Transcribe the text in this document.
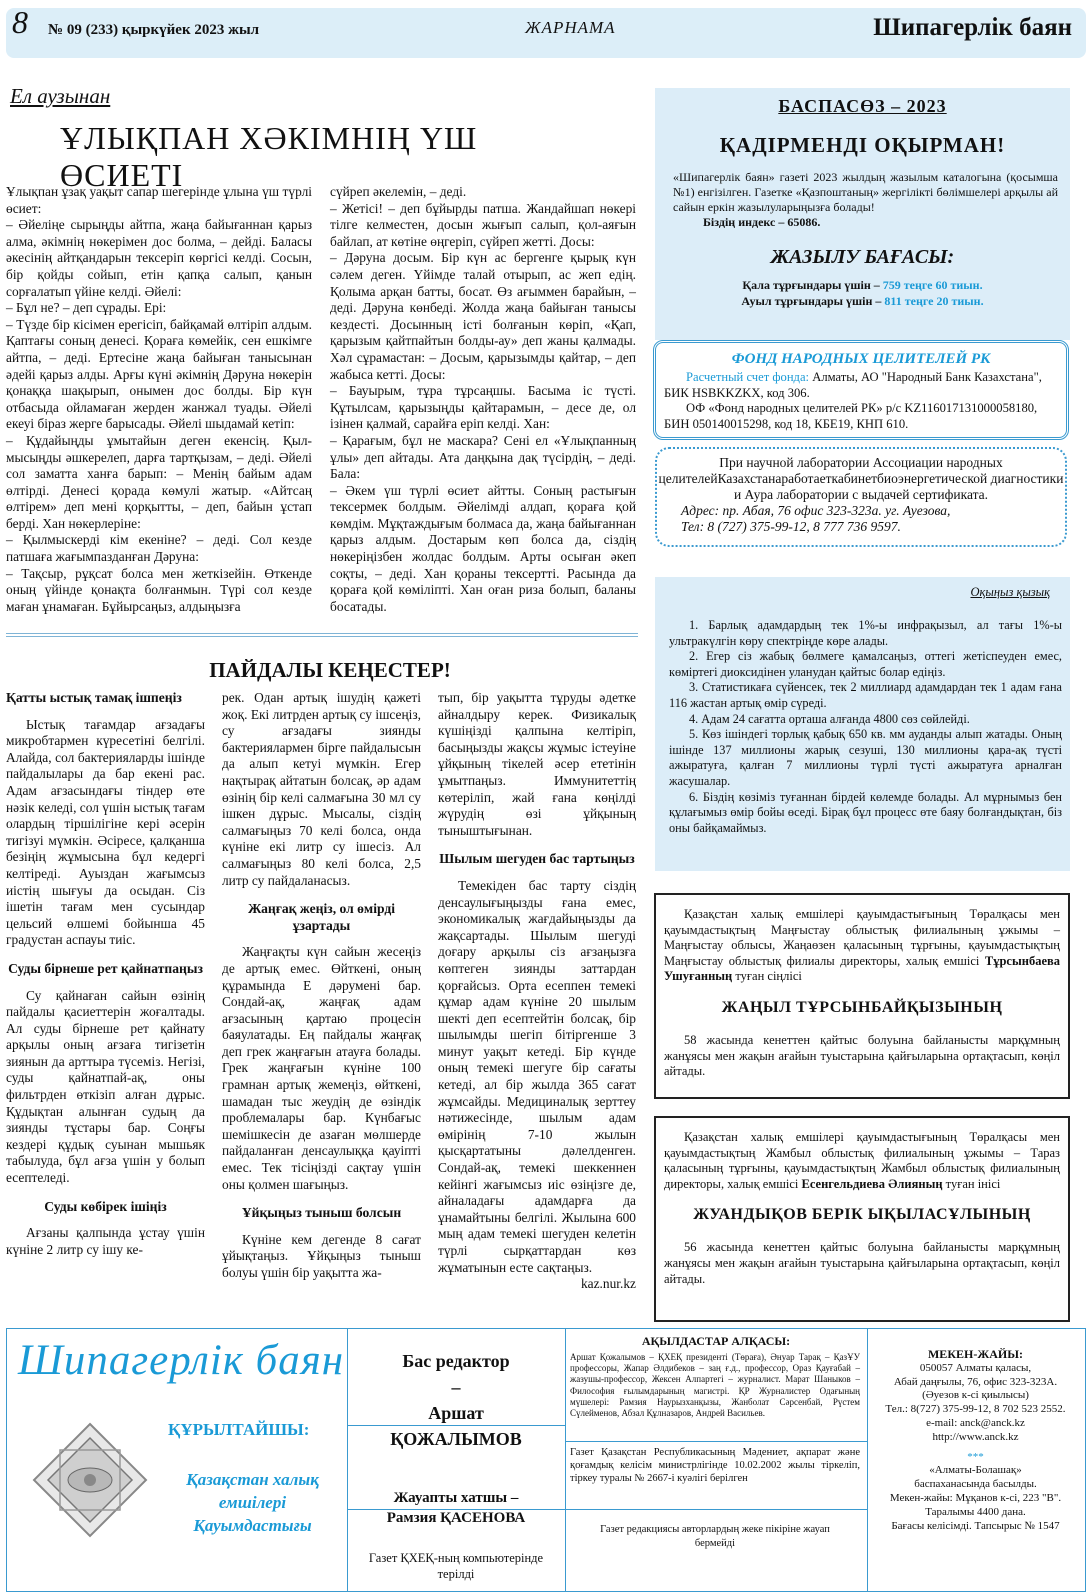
8 № 09 (233) қыркүйек 2023 жыл	ЖАРНАМА	Шипагерлік баян
Ел аузынан
ҰЛЫҚПАН ХӘКІМНІҢ ҮШ ӨСИЕТІ

Ұлықпан ұзақ уақыт сапар шегерінде ұлына үш түрлі өсиет:

– Әйеліңе сырыңды айтпа, жаңа байығаннан қарыз алма, әкімнің нөкерімен дос болма, – дейді. Баласы әкесінің айтқандарын тексеріп көргісі келді. Сосын, бір қойды сойып, етін қапқа салып, қанын сорғалатып үйіне келді. Әйелі:

– Бұл не? – деп сұрады. Ері:

– Түзде бір кісімен ерегісіп, байқамай өлтіріп алдым. Қаптағы соның денесі. Қораға көмейік, сен ешкімге айтпа, – деді. Ертесіне жаңа байыған танысынан әдейі қарыз алды. Арғы күні әкімнің Дәруна нөкерін қонаққа шақырып, онымен дос болды. Бір күн отбасыда ойламаған жерден жанжал туады. Әйелі екеуі біраз жерге барысады. Әйелі шыдамай кетіп:

– Құдайыңды ұмытайын деген екенсің. Қылмысыңды әшкерелеп, дарға тартқызам, – деді. Әйелі сол заматта ханға барып: – Менің байым адам өлтірді. Денесі қорада көмулі жатыр. «Айтсаң өлтірем» деп мені қорқытты, – деп, байын ұстап берді. Хан нөкерлеріне:

– Қылмыскерді кім екеніне? – деді. Сол кезде патшаға жағымпазданған Дәруна:

– Тақсыр, рұқсат болса мен жеткізейін. Өткенде оның үйінде қонақта болғанмын. Түрі сол кезде маған ұнамаған. Бұйырсаңыз, алдыңызға

сүйреп әкелемін, – деді.

– Жетісі! – деп бұйырды патша. Жандайшап нөкері тілге келместен, досын жығып салып, қол-аяғын байлап, ат көтіне өңгеріп, сүйреп жетті. Досы:

– Дәруна досым. Бір күн ас бергенге қырық күн сәлем деген. Үйімде талай отырып, ас жеп едің. Қолыма арқан батты, босат. Өз ағыммен барайын, – деді. Дәруна көнбеді. Жолда жаңа байыған танысы кездесті. Досынның істі болғанын көріп, «Қап, қарызым қайтпайтын болды-ау» деп жаны қалмады. Хәл сұрамастан: – Досым, қарызымды қайтар, – деп жабыса кетті. Досы:

– Бауырым, тұра тұрсаңшы. Басыма іс түсті. Құтылсам, қарызыңды қайтарамын, – десе де, ол ізінен қалмай, сарайға еріп келді. Хан:

– Қарағым, бұл не маскара? Сені ел «Ұлықпанның ұлы» деп айтады. Ата даңқына дақ түсірдің, – деді. Бала:

– Әкем үш түрлі өсиет айтты. Соның растығын тексермек болдым. Әйелімді алдап, қораға қой көмдім. Мұқтаждығым болмаса да, жаңа байығаннан қарыз алдым. Достарым көп болса да, сіздің нөкеріңізбен жолдас болдым. Арты осыған әкеп соқты, – деді. Хан қораны тексертті. Расында да қораға қой көміліпті. Хан оған риза болып, баланы босатады.

ПАЙДАЛЫ КЕҢЕСТЕР!
Қатты ыстық тамақ ішпеңіз

Ыстық тағамдар ағзадағы микробтармен күресетіні белгілі. Алайда, сол бактерияларды ішінде пайдалылары да бар екені рас. Адам ағзасындағы тіндер өте нәзік келеді, сол үшін ыстық тағам олардың тіршілігіне кері әсерін тигізуі мүмкін. Әсіресе, қалқанша безіңің жұмысына бұл кедергі келтіреді. Ауыздан жағымсыз иістің шығуы да осыдан. Сіз ішетін тағам мен сусындар цельсий өлшемі бойынша 45 градустан аспауы тиіс.

Суды бірнеше рет қайнатпаңыз

Су қайнаған сайын өзінің пайдалы қасиеттерін жоғалтады. Ал суды бірнеше рет қайнату арқылы оның ағзаға тигізетін зиянын да арттыра түсеміз. Негізі, суды қайнатпай-ақ, оны фильтрден өткізіп алған дұрыс. Құдықтан алынған судың да зиянды тұстары бар. Соңғы кездері құдық суынан мышьяк табылуда, бұл ағза үшін у болып есептеледі.

Суды көбірек ішіңіз

Ағзаны қалпында ұстау үшін күніне 2 литр су ішу ке-

рек. Одан артық ішудің қажеті жоқ. Екі литрден артық су ішсеңіз, су ағзадағы зиянды бактериялармен бірге пайдалысын да алып кетуі мүмкін. Егер нақтырақ айтатын болсақ, әр адам өзінің бір келі салмағына 30 мл су ішкен дұрыс. Мысалы, сіздің салмағыңыз 70 келі болса, онда күніне екі литр су ішесіз. Ал салмағыңыз 80 келі болса, 2,5 литр су пайдаланасыз.

Жаңғақ жеңіз, ол өмірді ұзартады

Жаңғақты күн сайын жесеңіз де артық емес. Өйткені, оның құрамында Е дәрумені бар. Сондай-ақ, жаңғақ адам ағзасының қартаю процесін баяулатады. Ең пайдалы жаңғақ деп грек жаңғағын атауға болады. Грек жаңғағын күніне 100 грамнан артық жемеңіз, өйткені, шамадан тыс жеудің де өзіндік проблемалары бар. Күнбағыс шемішкесін де азаған мөлшерде пайдаланған денсаулыққа қауіпті емес. Тек тісіңізді сақтау үшін оны қолмен шағыңыз.

Ұйқыңыз тыныш болсын

Күніне кем дегенде 8 сағат ұйықтаңыз. Ұйқыңыз тыныш болуы үшін бір уақытта жа-

тып, бір уақытта тұруды әдетке айналдыру керек. Физикалық күшіңізді қалпына келтіріп, басыңызды жақсы жұмыс істеуіне ұйқының тікелей әсер ететінін ұмытпаңыз. Иммунитеттің көтеріліп, жай ғана көңілді жүрудің өзі ұйқының тыныштығынан.

Шылым шегуден бас тартыңыз

Темекіден бас тарту сіздің денсаулығыңызды ғана емес, экономикалық жағдайыңызды да жақсартады. Шылым шегуді доғару арқылы сіз ағзаңызға көптеген зиянды заттардан қорғайсыз. Орта есеппен темекі құмар адам күніне 20 шылым шекті деп есептейтін болсақ, бір шылымды шегіп бітіргенше 3 минут уақыт кетеді. Бір күнде оның темекі шегуге бір сағаты кетеді, ал бір жылда 365 сағат жұмсайды. Медициналық зерттеу нәтижесінде, шылым адам өмірінің 7-10 жылын қысқартатыны дәлелденген. Сондай-ақ, темекі шеккеннен кейінгі жағымсыз иіс өзіңізге де, айналадағы адамдарға да ұнамайтыны белгілі. Жылына 600 мың адам темекі шегуден келетін түрлі сырқаттардан көз жұматынын есте сақтаңыз.

kaz.nur.kz
БАСПАСӨЗ – 2023
ҚАДІРМЕНДІ ОҚЫРМАН!
«Шипагерлік баян» газеті 2023 жылдың жазылым каталогына (қосымша №1) енгізілген. Газетке «Қазпоштаның» жергілікті бөлімшелері арқылы ай сайын еркін жазылуларыңызға болады!
Біздің индекс – 65086.
ЖАЗЫЛУ БАҒАСЫ:
Қала тұрғындары үшін – 759 теңге 60 тиын.
Ауыл тұрғындары үшін – 811 теңге 20 тиын.
ФОНД НАРОДНЫХ ЦЕЛИТЕЛЕЙ РК
Расчетный счет фонда: Алматы, АО "Народный Банк Казахстана", БИК HSBKKZKX, код 306.
ОФ «Фонд народных целителей РК» р/с KZ116017131000058180, БИН 050140015298, код 18, КБЕ19, КНП 610.
При научной лаборатории Ассоциации народных целителейКазахстанаработаеткабинетбиоэнергетической диагностики и Аура лаборатории с выдачей сертификата.
Адрес: пр. Абая, 76 офис 323-323а. уг. Ауезова,
Тел: 8 (727) 375-99-12, 8 777 736 9597.
Оқыңыз қызық

1. Барлық адамдардың тек 1%-ы инфрақызыл, ал тағы 1%-ы ультракүлгін көру спектріңде көре алады.

2. Егер сіз жабық бөлмеге қамалсаңыз, оттегі жетіспеуден емес, көміртегі диоксидінен уланудан қайтыс болар едіңіз.

3. Статистикаға сүйенсек, тек 2 миллиард адамдардан тек 1 адам ғана 116 жастан артық өмір сүреді.

4. Адам 24 сағатта орташа алғанда 4800 сөз сөйлейді.

5. Көз ішіндегі торлық қабық 650 кв. мм ауданды алып жатады. Оның ішінде 137 миллионы жарық сезуші, 130 миллионы қара-ақ түсті ажыратуға, қалған 7 миллионы түрлі түсті ажыратуға арналған жасушалар.

6. Біздің көзіміз туғаннан бірдей көлемде болады. Ал мұрнымыз бен құлағымыз өмір бойы өседі. Бірақ бұл процесс өте баяу болғандықтан, біз оны байқамаймыз.

Қазақстан халық емшілері қауымдастығының Төралқасы мен қауымдастықтың Маңғыстау облыстық филиалының ұжымы – Маңғыстау облысы, Жаңаөзен қаласының тұрғыны, қауымдастықтың Маңғыстау облыстық филиалы директоры, халық емшісі Тұрсынбаева Ушуғанның туған сіңлісі
ЖАҢЫЛ ТҰРСЫНБАЙҚЫЗЫНЫҢ
58 жасында кенеттен қайтыс болуына байланысты марқұмның жанұясы мен жақын ағайын туыстарына қайғыларына ортақтасып, көңіл айтады.
Қазақстан халық емшілері қауымдастығының Төралқасы мен қауымдастықтың Жамбыл облыстық филиалының ұжымы – Тараз қаласының тұрғыны, қауымдастықтың Жамбыл облыстық филиалының директоры, халық емшісі Есенгельдиева Әлияның туған інісі
ЖУАНДЫҚОВ БЕРІК ЫҚЫЛАСҰЛЫНЫҢ
56 жасында кенеттен қайтыс болуына байланысты марқұмның жанұясы мен жақын ағайын туыстарына қайғыларына ортақтасып, көңіл айтады.
Шипагерлік баян
ҚҰРЫЛТАЙШЫ:
Қазақстан халық емшілері Қауымдастығы
Бас редактор
–
Аршат
ҚОЖАЛЫМОВ
Жауапты хатшы –
Рамзия ҚАСЕНОВА
Газет ҚХЕҚ-ның компьютерінде терілді
АҚЫЛДАСТАР АЛҚАСЫ:
Аршат Қожалымов – ҚХЕҚ президенті (Төраға), Әнуар Тарақ – ҚазҰУ профессоры, Жапар Әлдибеков – заң ғ.д., профессор, Ораз Қауғабай – жазушы-профессор, Жексен Алпартегі – журналист. Марат Шаныков – Философия ғылымдарының магистрі. ҚР Журналистер Одағының мүшелері: Рамзия Наурызханқызы, Жанболат Сәрсенбай, Рүстем Сүлейменов, Абзал Құлназаров, Андрей Васильев.
Газет Қазақстан Республикасының Мәдениет, ақпарат және қоғамдық келісім министрлігінде 10.02.2002 жылы тіркеліп, тіркеу туралы № 2667-і куәлігі берілген
Газет редакциясы авторлардың жеке пікіріне жауап бермейді
МЕКЕН-ЖАЙЫ:
050057 Алматы қаласы,
Абай даңғылы, 76, офис 323-323А.
(Әуезов к-сі қиылысы)
Тел.: 8(727) 375-99-12, 8 702 523 2552.
e-mail: anck@anck.kz
http://www.anck.kz
***
«Алматы-Болашақ»
баспаханасында басылды.
Мекен-жайы: Мұқанов к-сі, 223 "В".
Таралымы 4400 дана.
Бағасы келісімді. Тапсырыс № 1547
